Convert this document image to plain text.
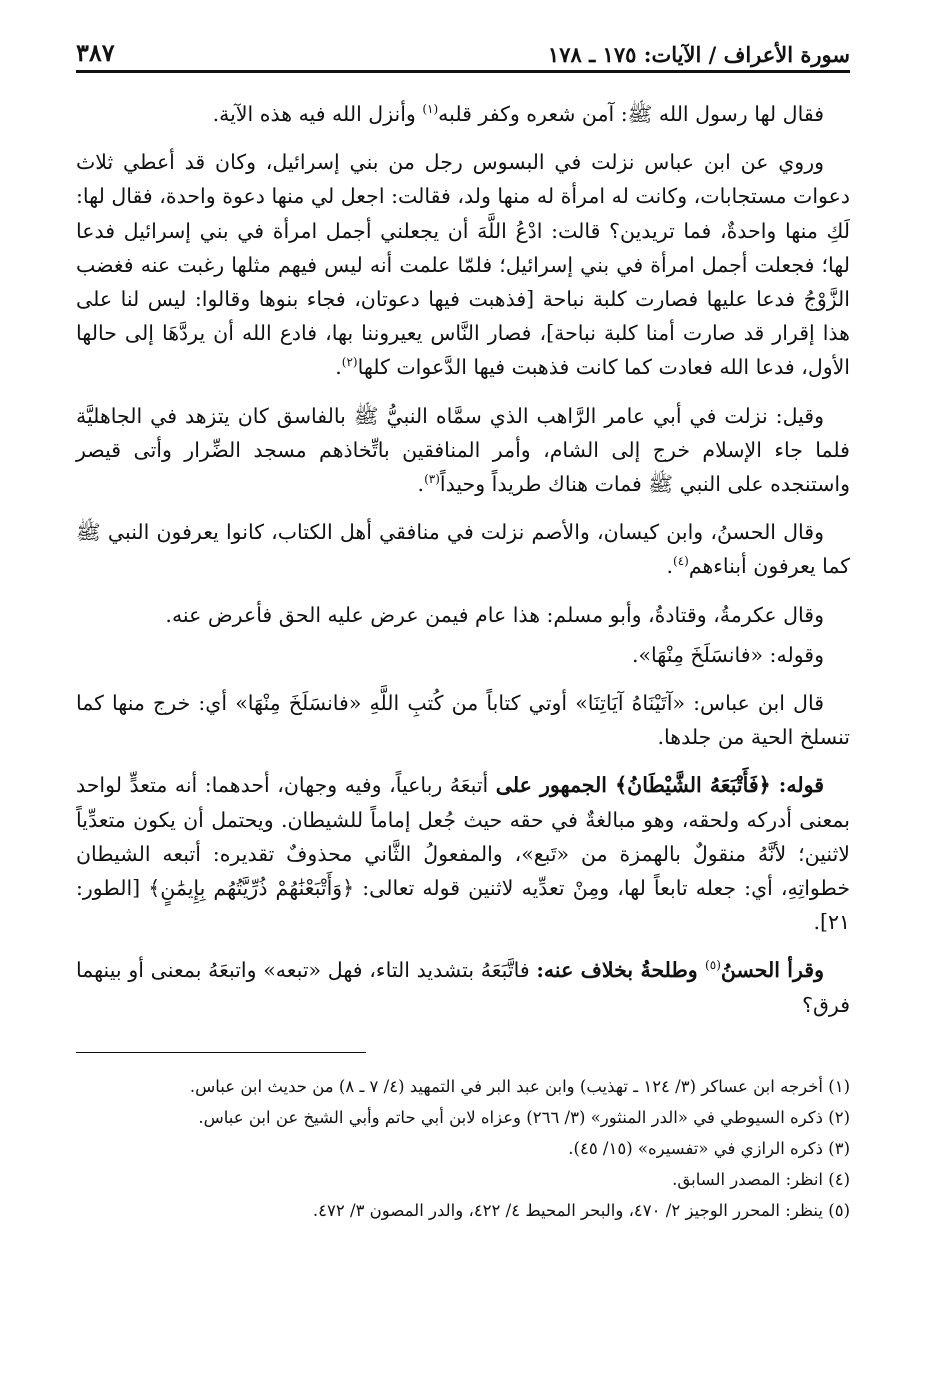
سورة الأعراف / الآيات: ١٧٥ ـ ١٧٨
٣٨٧

فقال لها رسول الله ﷺ: آمن شعره وكفر قلبه$^{(١)}$ وأنزل الله فيه هذه الآية.

وروي عن ابن عباس نزلت في البسوس رجل من بني إسرائيل، وكان قد أعطي ثلاث دعوات مستجابات، وكانت له امرأة له منها ولد، فقالت: اجعل لي منها دعوة واحدة، فقال لها: لَكِ منها واحدةٌ، فما تريدين؟ قالت: ادْعُ اللَّهَ أن يجعلني أجمل امرأة في بني إسرائيل فدعا لها؛ فجعلت أجمل امرأة في بني إسرائيل؛ فلمّا علمت أنه ليس فيهم مثلها رغبت عنه فغضب الزَّوْجُ فدعا عليها فصارت كلبة نباحة [فذهبت فيها دعوتان، فجاء بنوها وقالوا: ليس لنا على هذا إقرار قد صارت أمنا كلبة نباحة]، فصار النَّاس يعيروننا بها، فادع الله أن يردَّهَا إلى حالها الأول، فدعا الله فعادت كما كانت فذهبت فيها الدَّعوات كلها$^{(٢)}$.

وقيل: نزلت في أبي عامر الرَّاهب الذي سمَّاه النبيُّ ﷺ بالفاسق كان يتزهد في الجاهليَّة فلما جاء الإسلام خرج إلى الشام، وأمر المنافقين باتِّخاذهم مسجد الضِّرار وأتى قيصر واستنجده على النبي ﷺ فمات هناك طريداً وحيداً$^{(٣)}$.

وقال الحسنُ، وابن كيسان، والأصم نزلت في منافقي أهل الكتاب، كانوا يعرفون النبي ﷺ كما يعرفون أبناءهم$^{(٤)}$.

وقال عكرمةُ، وقتادةُ، وأبو مسلم: هذا عام فيمن عرض عليه الحق فأعرض عنه.

وقوله: «فانسَلَخَ مِنْهَا».

قال ابن عباس: «آتَيْنَاهُ آيَاتِنَا» أوتي كتاباً من كُتبِ اللَّهِ «فانسَلَخَ مِنْهَا» أي: خرج منها كما تنسلخ الحية من جلدها.

قوله: ﴿فَأَتْبَعَهُ الشَّيْطَانُ﴾ الجمهور على أتبعَهُ رباعياً، وفيه وجهان، أحدهما: أنه متعدٍّ لواحد بمعنى أدركه ولحقه، وهو مبالغةٌ في حقه حيث جُعل إماماً للشيطان. ويحتمل أن يكون متعدِّياً لاثنين؛ لأنَّهُ منقولٌ بالهمزة من «تَبع»، والمفعولُ الثَّاني محذوفٌ تقديره: أتبعه الشيطان خطواتِهِ، أي: جعله تابعاً لها، ومِنْ تعدِّيه لاثنين قوله تعالى: ﴿وَأَتْبَعْنَٰهُمْ ذُرِّيَّتُهُم بِإِيمَٰنٍ﴾ [الطور: ٢١].

وقرأ الحسنُ$^{(٥)}$ وطلحةُ بخلاف عنه: فاتَّبَعَهُ بتشديد التاء، فهل «تبعه» واتبعَهُ بمعنى أو بينهما فرق؟

(١) أخرجه ابن عساكر (٣/ ١٢٤ ـ تهذيب) وابن عبد البر في التمهيد (٤/ ٧ ـ ٨) من حديث ابن عباس.
(٢) ذكره السيوطي في «الدر المنثور» (٣/ ٢٦٦) وعزاه لابن أبي حاتم وأبي الشيخ عن ابن عباس.
(٣) ذكره الرازي في «تفسيره» (١٥/ ٤٥).
(٤) انظر: المصدر السابق.
(٥) ينظر: المحرر الوجيز ٢/ ٤٧٠، والبحر المحيط ٤/ ٤٢٢، والدر المصون ٣/ ٤٧٢.
